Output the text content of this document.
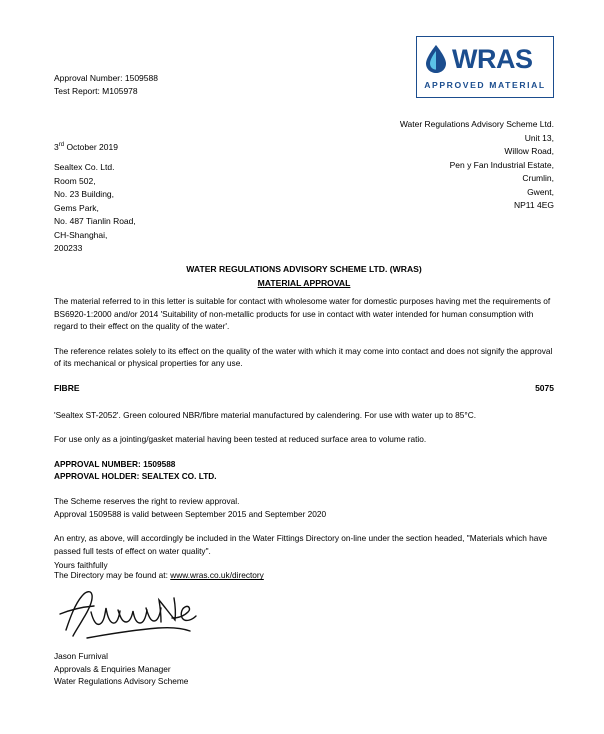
WRAS
APPROVED MATERIAL
Approval Number: 1509588
Test Report: M105978
Water Regulations Advisory Scheme Ltd.
Unit 13,
Willow Road,
Pen y Fan Industrial Estate,
Crumlin,
Gwent,
NP11 4EG
3rd October 2019
Sealtex Co. Ltd.
Room 502,
No. 23 Building,
Gems Park,
No. 487 Tianlin Road,
CH-Shanghai,
200233
WATER REGULATIONS ADVISORY SCHEME LTD. (WRAS)
MATERIAL APPROVAL

The material referred to in this letter is suitable for contact with wholesome water for domestic purposes having met the requirements of BS6920-1:2000 and/or 2014 'Suitability of non-metallic products for use in contact with water intended for human consumption with regard to their effect on the quality of the water'.

The reference relates solely to its effect on the quality of the water with which it may come into contact and does not signify the approval of its mechanical or physical properties for any use.

FIBRE	5075

'Sealtex ST-2052'. Green coloured NBR/fibre material manufactured by calendering. For use with water up to 85°C.

For use only as a jointing/gasket material having been tested at reduced surface area to volume ratio.

APPROVAL NUMBER: 1509588
APPROVAL HOLDER: SEALTEX CO. LTD.

The Scheme reserves the right to review approval.
Approval 1509588 is valid between September 2015 and September 2020

An entry, as above, will accordingly be included in the Water Fittings Directory on-line under the section headed, "Materials which have passed full tests of effect on water quality".

The Directory may be found at: www.wras.co.uk/directory

Yours faithfully
Jason Furnival
Approvals & Enquiries Manager
Water Regulations Advisory Scheme
